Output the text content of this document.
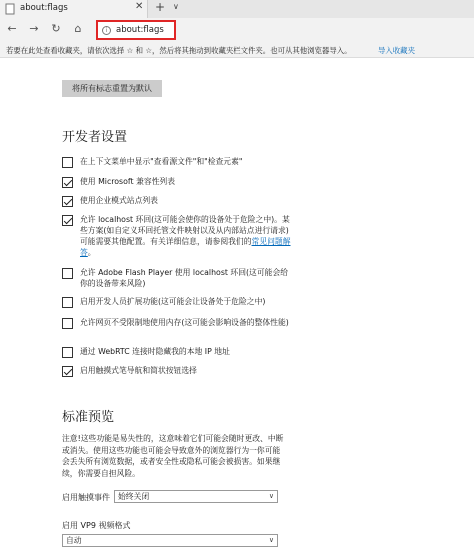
about:flags	✕ + ∨
←	→	↻	⌂	i	about:flags
若要在此处查看收藏夹，请依次选择 ☆ 和 ☆，然后将其拖动到收藏夹栏文件夹。也可从其他浏览器导入。	导入收藏夹
将所有标志重置为默认
开发者设置
在上下文菜单中显示"查看源文件"和"检查元素"
使用 Microsoft 兼容性列表
使用企业模式站点列表
允许 localhost 环回(这可能会使你的设备处于危险之中)。某些方案(如自定义环回托管文件映射以及从内部站点进行请求)可能需要其他配置。有关详细信息，请参阅我们的常见问题解答。
允许 Adobe Flash Player 使用 localhost 环回(这可能会给你的设备带来风险)
启用开发人员扩展功能(这可能会让设备处于危险之中)
允许网页不受限制地使用内存(这可能会影响设备的整体性能)
通过 WebRTC 连接时隐藏我的本地 IP 地址
启用触摸式笔导航和简状按钮选择
标准预览
注意!这些功能是易失性的，这意味着它们可能会随时更改、中断或消失。使用这些功能也可能会导致意外的浏览器行为一你可能会丢失所有浏览数据，或者安全性或隐私可能会被损害。如果继续，你需要自担风险。
启用触摸事件	始终关闭	∨
启用 VP9 视频格式
自动	∨
